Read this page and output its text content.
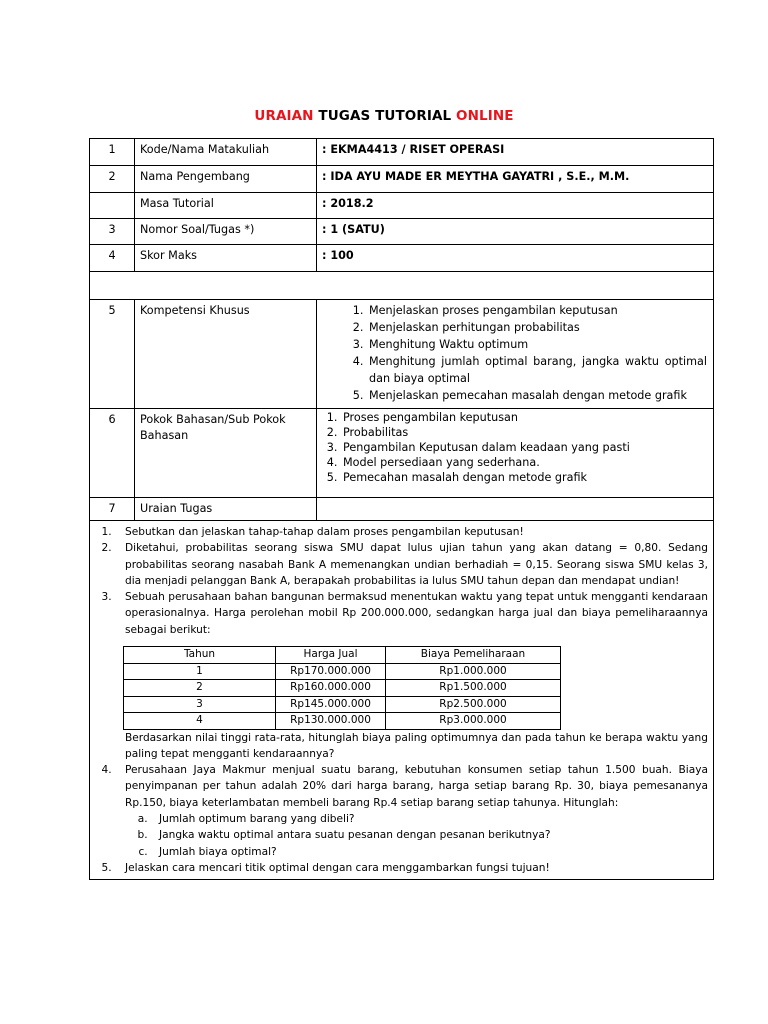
URAIAN TUGAS TUTORIAL ONLINE
1	Kode/Nama Matakuliah	: EKMA4413 / RISET OPERASI
2	Nama Pengembang	: IDA AYU MADE ER MEYTHA GAYATRI , S.E., M.M.
	Masa Tutorial	: 2018.2
3	Nomor Soal/Tugas *)	: 1 (SATU)
4	Skor Maks	: 100

5	Kompetensi Khusus	
1.Menjelaskan proses pengambilan keputusan
2. Menjelaskan perhitungan probabilitas
3. Menghitung Waktu optimum
4. Menghitung jumlah optimal barang, jangka waktu optimal dan biaya optimal
5. Menjelaskan pemecahan masalah dengan metode grafik

6	Pokok Bahasan/Sub Pokok Bahasan	
1. Proses pengambilan keputusan
2. Probabilitas
3. Pengambilan Keputusan dalam keadaan yang pasti
4. Model persediaan yang sederhana.
5. Pemecahan masalah dengan metode grafik

7	Uraian Tugas	

1. Sebutkan dan jelaskan tahap-tahap dalam proses pengambilan keputusan!
2. Diketahui, probabilitas seorang siswa SMU dapat lulus ujian tahun yang akan datang = 0,80. Sedang probabilitas seorang nasabah Bank A memenangkan undian berhadiah = 0,15. Seorang siswa SMU kelas 3, dia menjadi pelanggan Bank A, berapakah probabilitas ia lulus SMU tahun depan dan mendapat undian!
3. Sebuah perusahaan bahan bangunan bermaksud menentukan waktu yang tepat untuk mengganti kendaraan operasionalnya. Harga perolehan mobil Rp 200.000.000, sedangkan harga jual dan biaya pemeliharaannya sebagai berikut:
Tahun	Harga Jual	Biaya Pemeliharaan
1	Rp170.000.000	Rp1.000.000
2	Rp160.000.000	Rp1.500.000
3	Rp145.000.000	Rp2.500.000
4	Rp130.000.000	Rp3.000.000
Berdasarkan nilai tinggi rata-rata, hitunglah biaya paling optimumnya dan pada tahun ke berapa waktu yang paling tepat mengganti kendaraannya?
4. Perusahaan Jaya Makmur menjual suatu barang, kebutuhan konsumen setiap tahun 1.500 buah. Biaya penyimpanan per tahun adalah 20% dari harga barang, harga setiap barang Rp. 30, biaya pemesananya Rp.150, biaya keterlambatan membeli barang Rp.4 setiap barang setiap tahunya. Hitunglah:
a. Jumlah optimum barang yang dibeli?
b. Jangka waktu optimal antara suatu pesanan dengan pesanan berikutnya?
c. Jumlah biaya optimal?
5. Jelaskan cara mencari titik optimal dengan cara menggambarkan fungsi tujuan!
